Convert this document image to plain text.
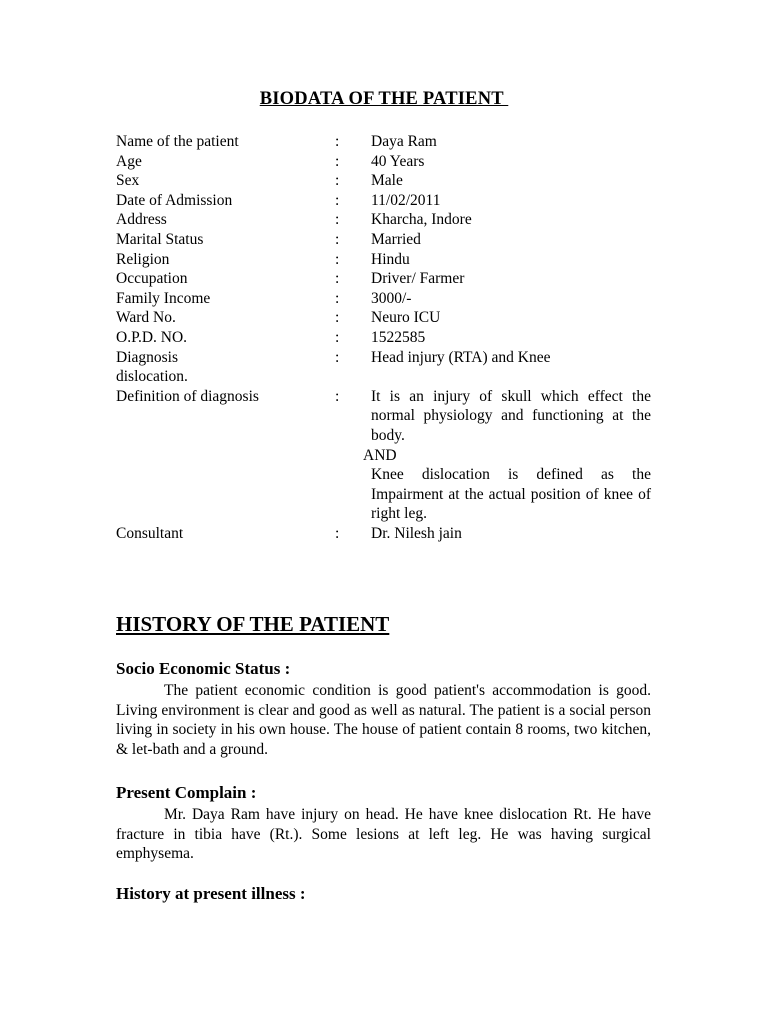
BIODATA OF THE PATIENT
Name of the patient	: Daya Ram
Age	: 40 Years
Sex	: Male
Date of Admission	: 11/02/2011
Address	: Kharcha, Indore
Marital Status	: Married
Religion	: Hindu
Occupation	: Driver/ Farmer
Family Income	: 3000/-
Ward No.	: Neuro ICU
O.P.D. NO.	: 1522585
Diagnosis	: Head injury (RTA) and Knee
dislocation.
Definition of diagnosis	: It is an injury of skull which effect the normal physiology and functioning at the body.
AND
Knee dislocation is defined as the Impairment at the actual position of knee of right leg.
Consultant	: Dr. Nilesh jain
HISTORY OF THE PATIENT
Socio Economic Status :
The patient economic condition is good patient's accommodation is good. Living environment is clear and good as well as natural. The patient is a social person living in society in his own house. The house of patient contain 8 rooms, two kitchen, & let-bath and a ground.
Present Complain :
Mr. Daya Ram have injury on head. He have knee dislocation Rt. He have fracture in tibia have (Rt.). Some lesions at left leg. He was having surgical emphysema.
History at present illness :
